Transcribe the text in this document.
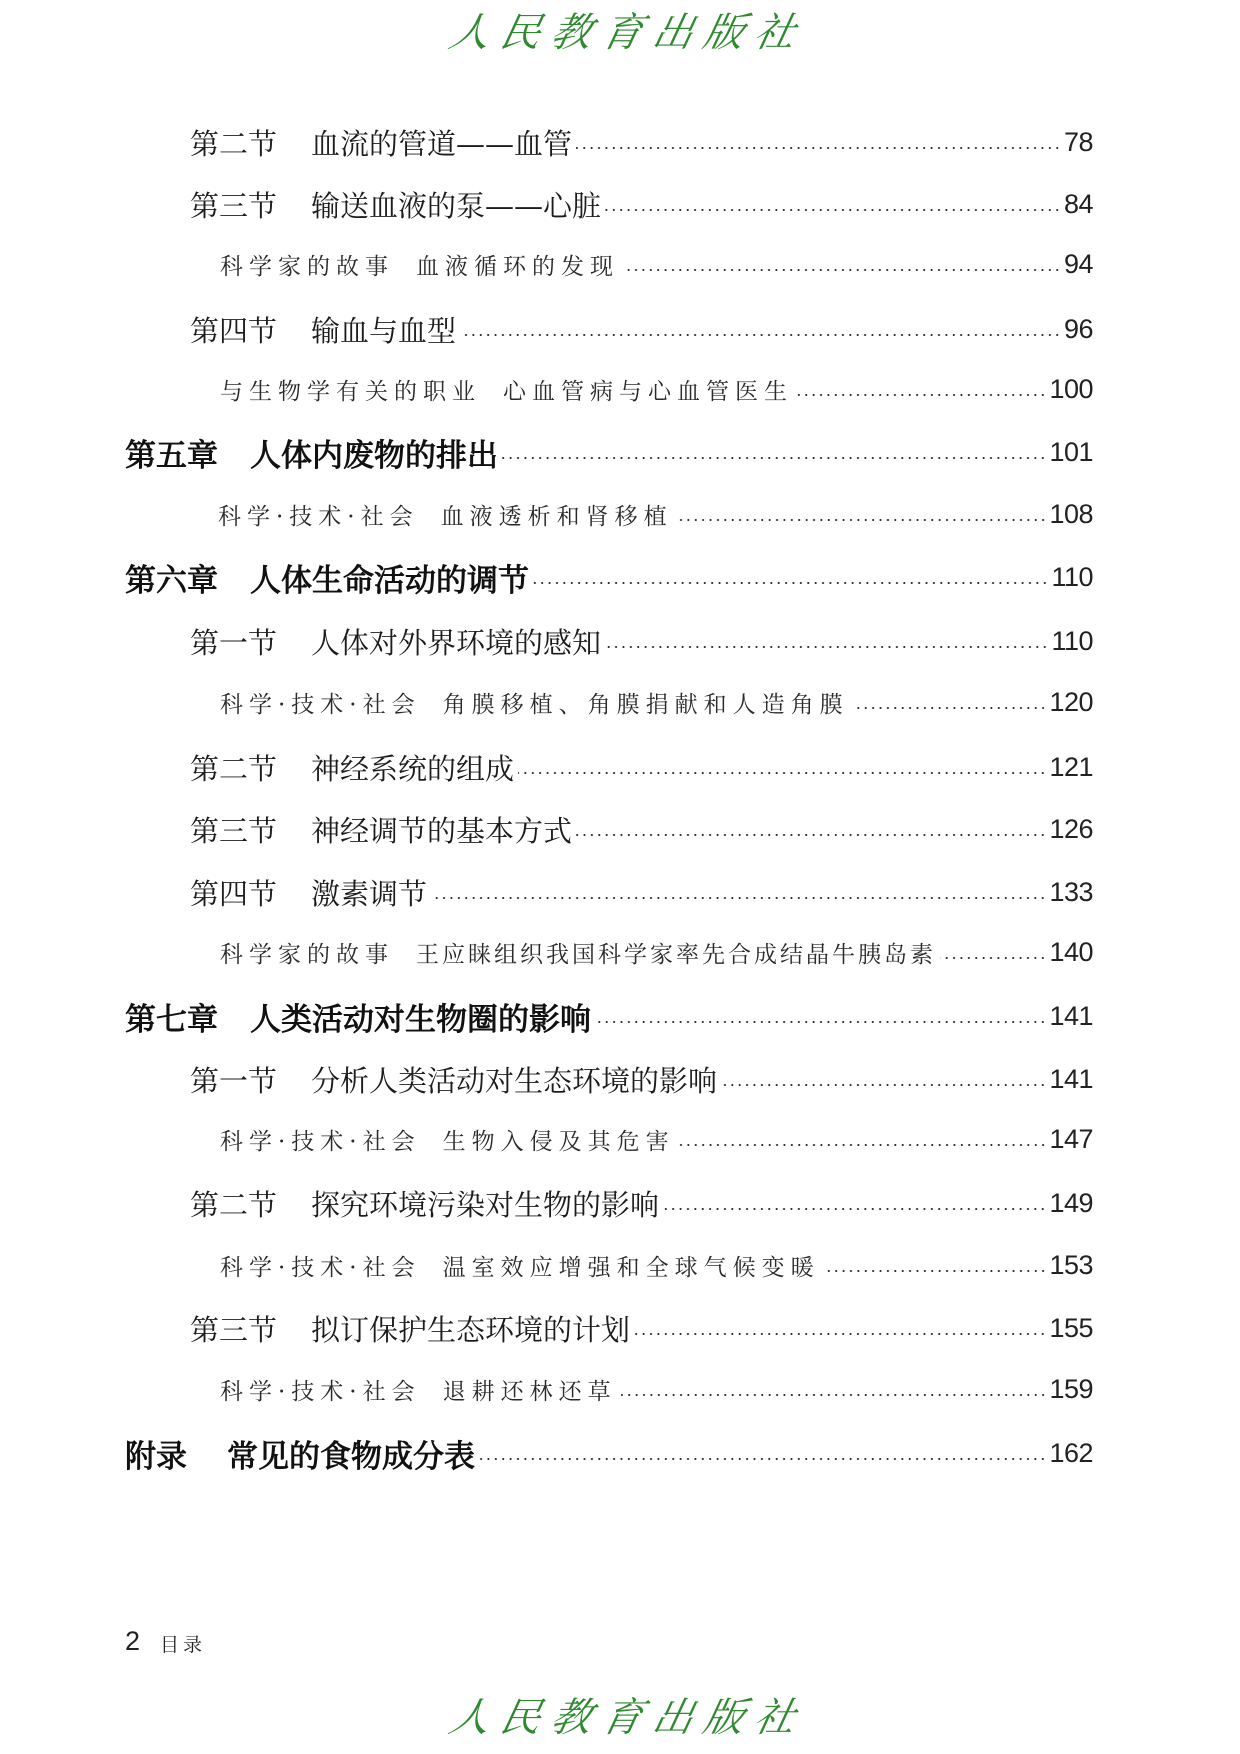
人 民 教 育 出 版 社
第二节 血流的管道——血管	78
第三节 输送血液的泵——心脏	84
科学家的故事 血液循环的发现	94
第四节 输血与血型	96
与生物学有关的职业 心血管病与心血管医生	100
第五章 人体内废物的排出	101
科学·技术·社会 血液透析和肾移植	108
第六章 人体生命活动的调节	110
第一节 人体对外界环境的感知	110
科学·技术·社会 角膜移植、角膜捐献和人造角膜	120
第二节 神经系统的组成	121
第三节 神经调节的基本方式	126
第四节 激素调节	133
科学家的故事 王应睐组织我国科学家率先合成结晶牛胰岛素	140
第七章 人类活动对生物圈的影响	141
第一节 分析人类活动对生态环境的影响	141
科学·技术·社会 生物入侵及其危害	147
第二节 探究环境污染对生物的影响	149
科学·技术·社会 温室效应增强和全球气候变暖	153
第三节 拟订保护生态环境的计划	155
科学·技术·社会 退耕还林还草	159
附录 常见的食物成分表	162
2 目录
人 民 教 育 出 版 社
